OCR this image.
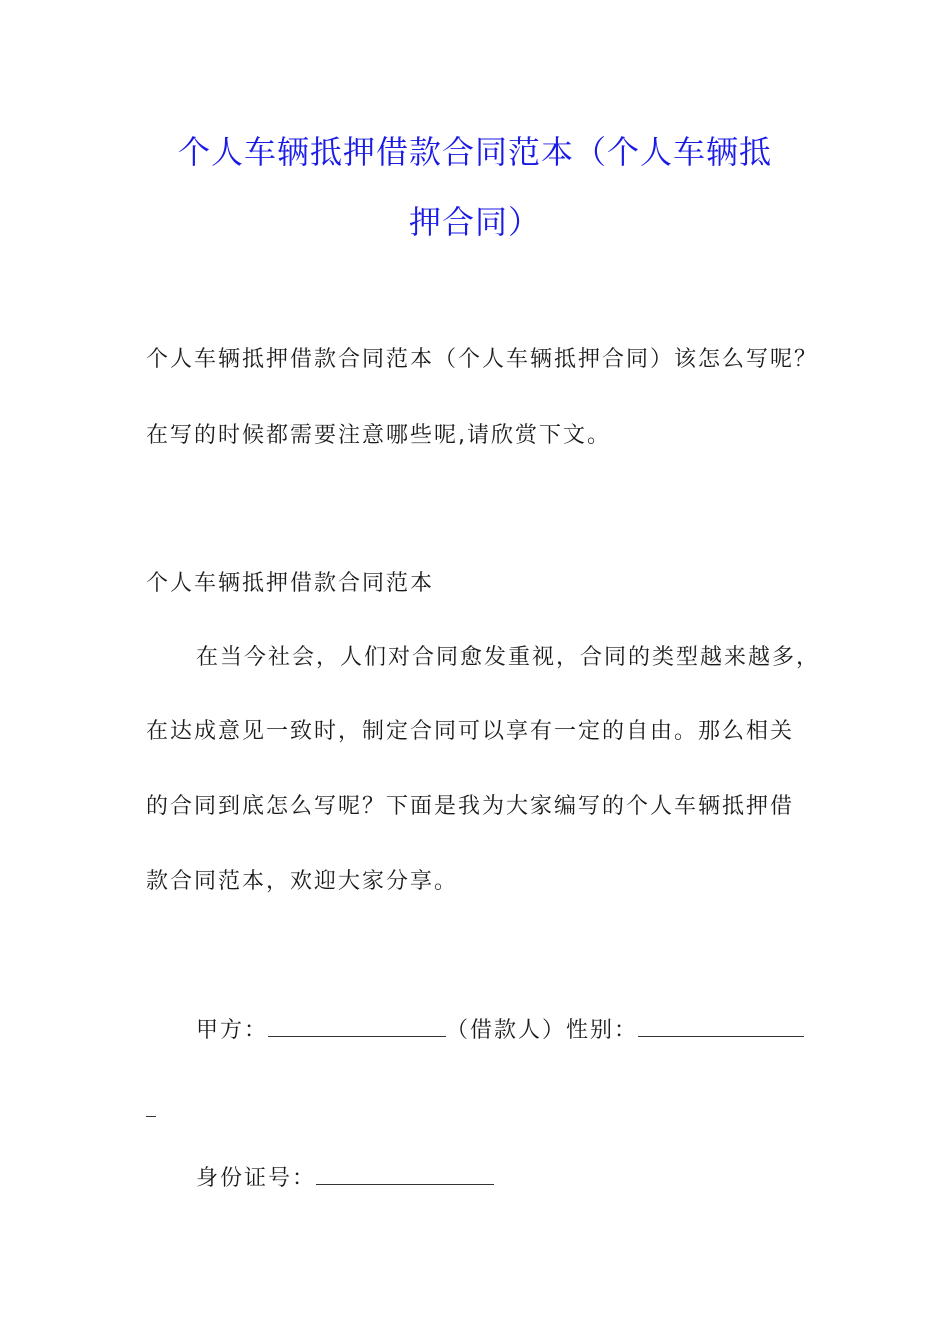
个人车辆抵押借款合同范本（个人车辆抵
押合同）

个人车辆抵押借款合同范本（个人车辆抵押合同）该怎么写呢？

在写的时候都需要注意哪些呢,请欣赏下文。

个人车辆抵押借款合同范本

在当今社会，人们对合同愈发重视，合同的类型越来越多，

在达成意见一致时，制定合同可以享有一定的自由。那么相关

的合同到底怎么写呢？下面是我为大家编写的个人车辆抵押借

款合同范本，欢迎大家分享。

甲方：	（借款人）性别：

身份证号：
